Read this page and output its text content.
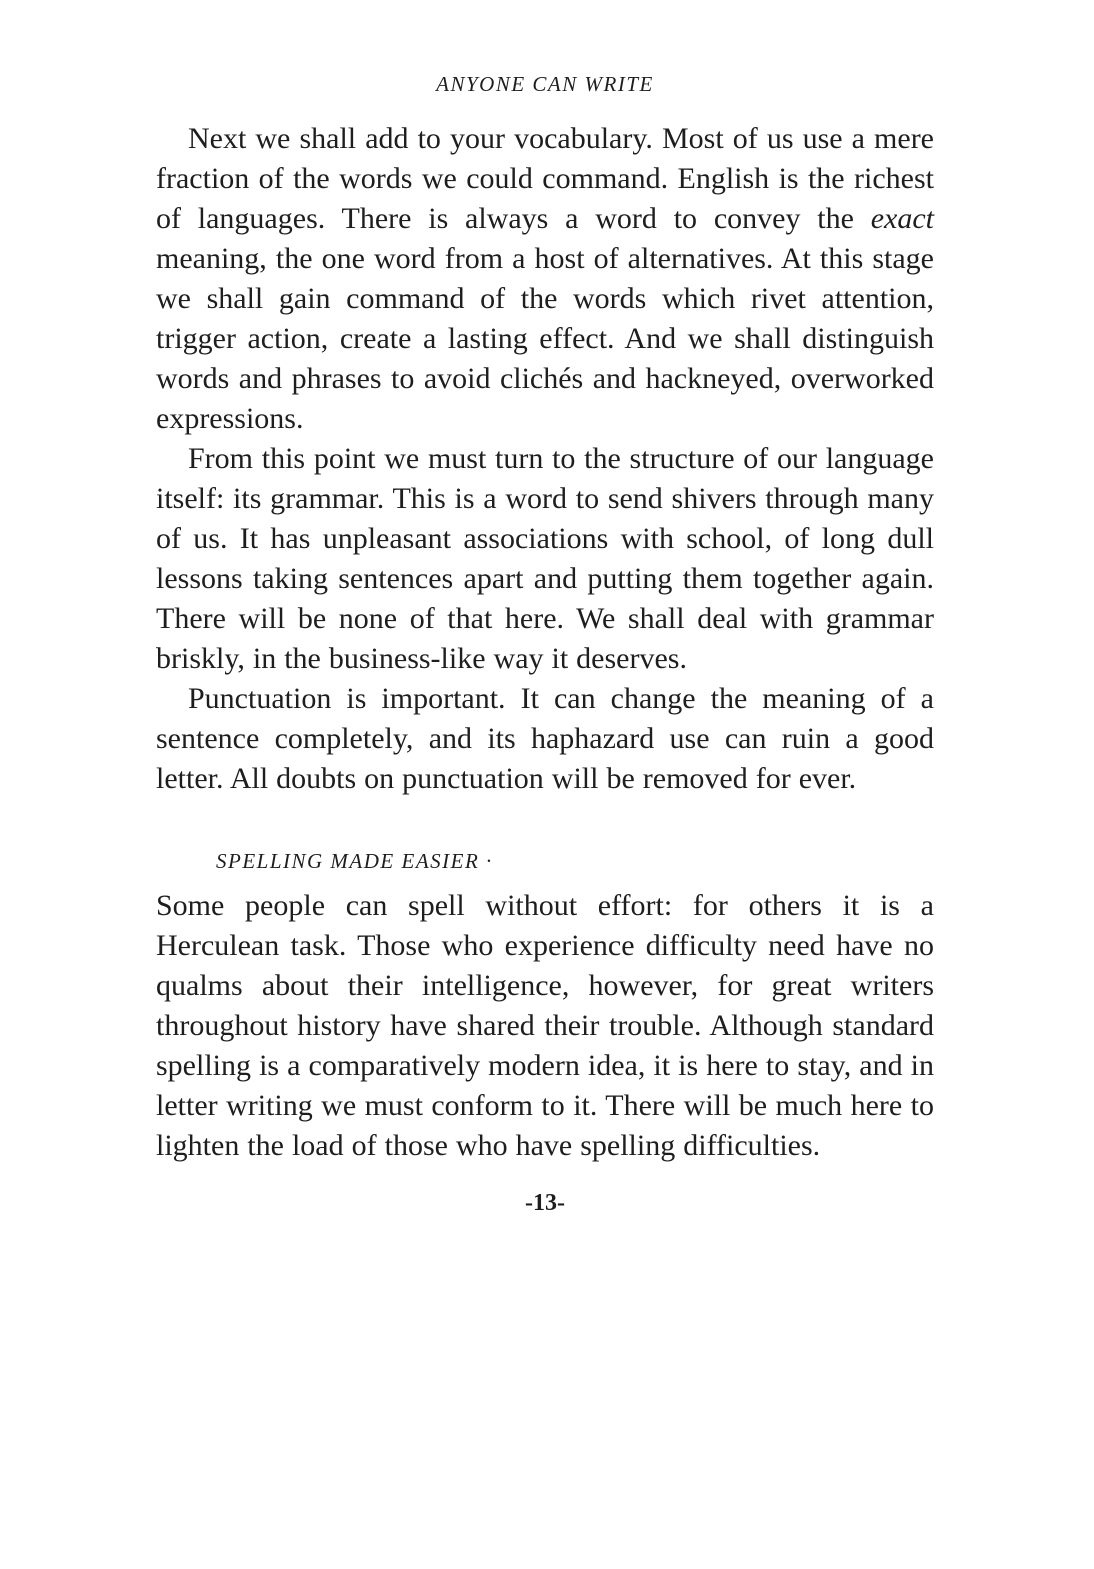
ANYONE CAN WRITE

Next we shall add to your vocabulary. Most of us use a mere fraction of the words we could command. English is the richest of languages. There is always a word to convey the exact meaning, the one word from a host of alternatives. At this stage we shall gain command of the words which rivet attention, trigger action, create a lasting effect. And we shall distinguish words and phrases to avoid clichés and hackneyed, overworked expressions.

From this point we must turn to the structure of our language itself: its grammar. This is a word to send shivers through many of us. It has unpleasant associations with school, of long dull lessons taking sentences apart and putting them together again. There will be none of that here. We shall deal with grammar briskly, in the business-like way it deserves.

Punctuation is important. It can change the meaning of a sentence completely, and its haphazard use can ruin a good letter. All doubts on punctuation will be removed for ever.

SPELLING MADE EASIER ·

Some people can spell without effort: for others it is a Herculean task. Those who experience difficulty need have no qualms about their intelligence, however, for great writers throughout history have shared their trouble. Although standard spelling is a comparatively modern idea, it is here to stay, and in letter writing we must conform to it. There will be much here to lighten the load of those who have spelling difficulties.

-13-
